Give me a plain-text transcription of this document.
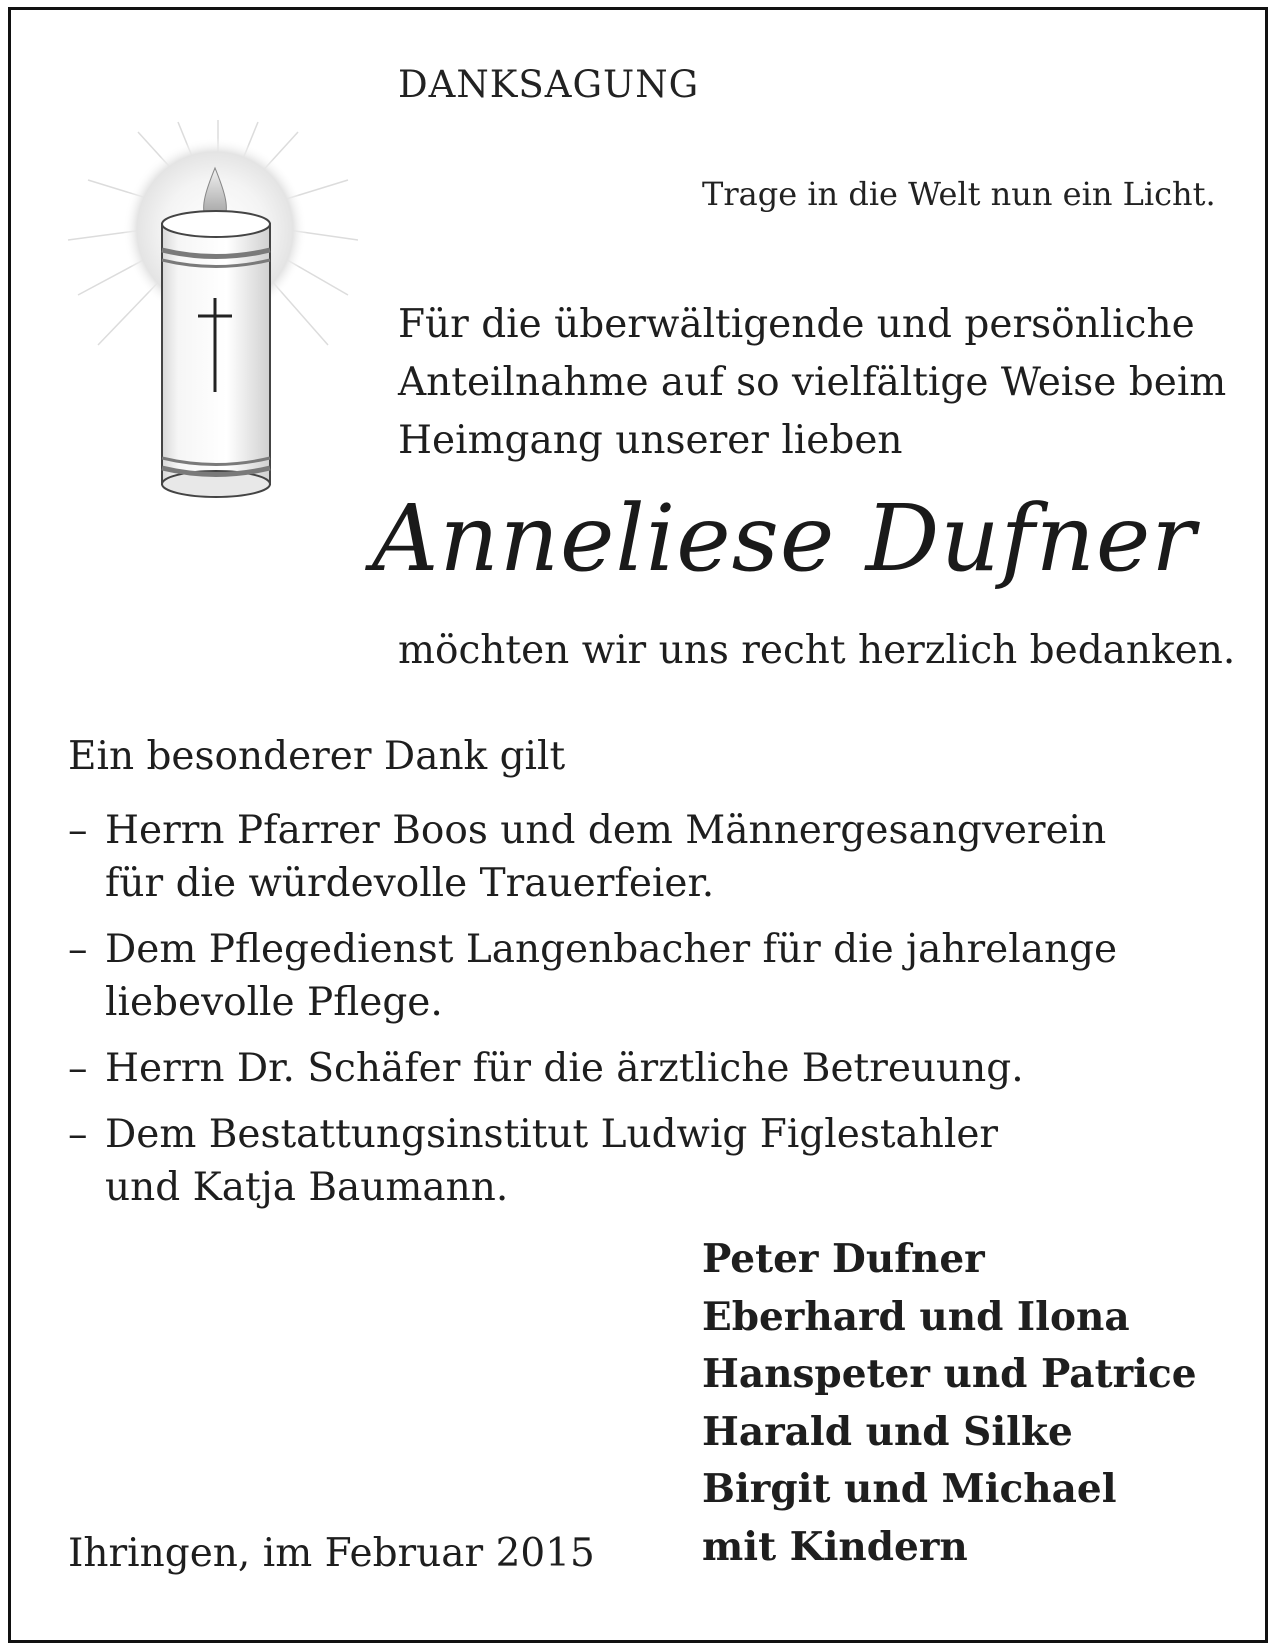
DANKSAGUNG
Trage in die Welt nun ein Licht.
Für die überwältigende und persönliche
Anteilnahme auf so vielfältige Weise beim
Heimgang unserer lieben
Anneliese Dufner
möchten wir uns recht herzlich bedanken.
Ein besonderer Dank gilt
– Herrn Pfarrer Boos und dem Männergesangverein
für die würdevolle Trauerfeier.
– Dem Pflegedienst Langenbacher für die jahrelange
liebevolle Pflege.
– Herrn Dr. Schäfer für die ärztliche Betreuung.
– Dem Bestattungsinstitut Ludwig Figlestahler
und Katja Baumann.
Peter Dufner
Eberhard und Ilona
Hanspeter und Patrice
Harald und Silke
Birgit und Michael
mit Kindern
Ihringen, im Februar 2015
